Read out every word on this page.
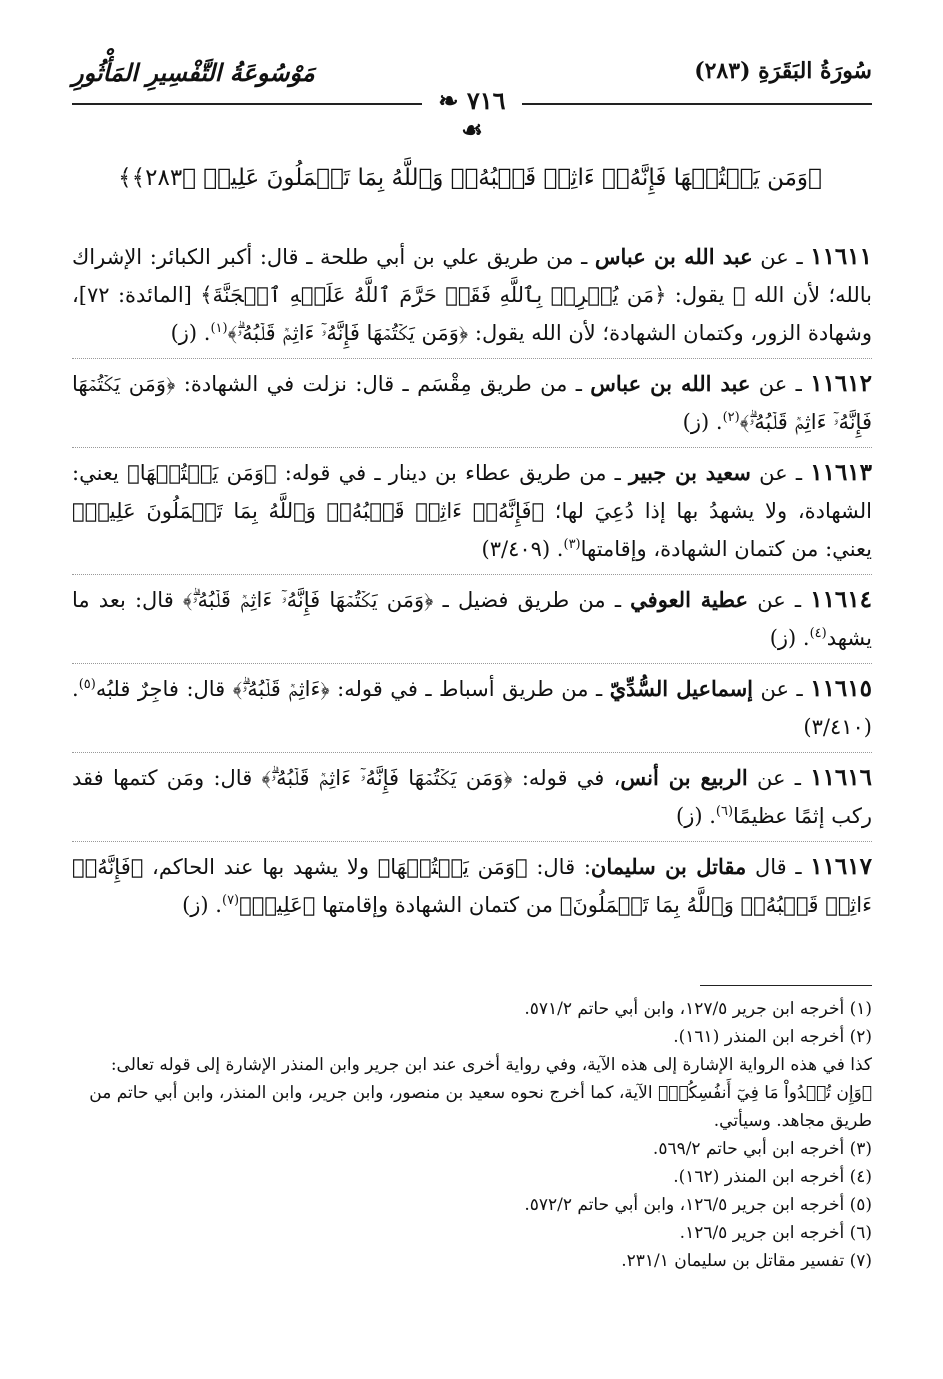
سُورَةُ البَقَرَةِ (٢٨٣)
مَوْسُوعَةُ التَّفْسِيرِ المَأْثُورِ
❧ ٧١٦ ☙
﴿وَمَن يَكۡتُمۡهَا فَإِنَّهُۥٓ ءَاثِمٞ قَلۡبُهُۥۗ وَٱللَّهُ بِمَا تَعۡمَلُونَ عَلِيمٞ ﴿٢٨٣﴾﴾

١١٦١١ ـ عن عبد الله بن عباس ـ من طريق علي بن أبي طلحة ـ قال: أكبر الكبائر: الإشراك بالله؛ لأن الله ﷻ يقول: ﴿مَن يُشۡرِكۡ بِٱللَّهِ فَقَدۡ حَرَّمَ ٱللَّهُ عَلَيۡهِ ٱلۡجَنَّةَ﴾ [المائدة: ٧٢]، وشهادة الزور، وكتمان الشهادة؛ لأن الله يقول: ﴿وَمَن يَكۡتُمۡهَا فَإِنَّهُۥٓ ءَاثِمٞ قَلۡبُهُۥۗ﴾$^{(١)}$. (ز)

١١٦١٢ ـ عن عبد الله بن عباس ـ من طريق مِقْسَم ـ قال: نزلت في الشهادة: ﴿وَمَن يَكۡتُمۡهَا فَإِنَّهُۥٓ ءَاثِمٞ قَلۡبُهُۥۗ﴾$^{(٢)}$. (ز)

١١٦١٣ ـ عن سعيد بن جبير ـ من طريق عطاء بن دينار ـ في قوله: ﴿وَمَن يَكۡتُمۡهَا﴾ يعني: الشهادة، ولا يشهدُ بها إذا دُعِيَ لها؛ ﴿فَإِنَّهُۥٓ ءَاثِمٞ قَلۡبُهُۥۗ وَٱللَّهُ بِمَا تَعۡمَلُونَ عَلِيمٞ﴾ يعني: من كتمان الشهادة، وإقامتها$^{(٣)}$. (٣/٤٠٩)

١١٦١٤ ـ عن عطية العوفي ـ من طريق فضيل ـ ﴿وَمَن يَكۡتُمۡهَا فَإِنَّهُۥٓ ءَاثِمٞ قَلۡبُهُۥۗ﴾ قال: بعد ما يشهد$^{(٤)}$. (ز)

١١٦١٥ ـ عن إسماعيل السُّدِّيّ ـ من طريق أسباط ـ في قوله: ﴿ءَاثِمٞ قَلۡبُهُۥۗ﴾ قال: فاجِرٌ قلبُه$^{(٥)}$. (٣/٤١٠)

١١٦١٦ ـ عن الربيع بن أنس، في قوله: ﴿وَمَن يَكۡتُمۡهَا فَإِنَّهُۥٓ ءَاثِمٞ قَلۡبُهُۥۗ﴾ قال: ومَن كتمها فقد ركب إثمًا عظيمًا$^{(٦)}$. (ز)

١١٦١٧ ـ قال مقاتل بن سليمان: قال: ﴿وَمَن يَكۡتُمۡهَا﴾ ولا يشهد بها عند الحاكم، ﴿فَإِنَّهُۥٓ ءَاثِمٞ قَلۡبُهُۥۗ وَٱللَّهُ بِمَا تَعۡمَلُونَ﴾ من كتمان الشهادة وإقامتها ﴿عَلِيمٞ﴾$^{(٧)}$. (ز)

(١) أخرجه ابن جرير ١٢٧/٥، وابن أبي حاتم ٥٧١/٢.
(٢) أخرجه ابن المنذر (١٦١).
كذا في هذه الرواية الإشارة إلى هذه الآية، وفي رواية أخرى عند ابن جرير وابن المنذر الإشارة إلى قوله تعالى: ﴿وَإِن تُبۡدُواْ مَا فِيٓ أَنفُسِكُمۡ﴾ الآية، كما أخرج نحوه سعيد بن منصور، وابن جرير، وابن المنذر، وابن أبي حاتم من طريق مجاهد. وسيأتي.
(٣) أخرجه ابن أبي حاتم ٥٦٩/٢.
(٤) أخرجه ابن المنذر (١٦٢).
(٥) أخرجه ابن جرير ١٢٦/٥، وابن أبي حاتم ٥٧٢/٢.
(٦) أخرجه ابن جرير ١٢٦/٥.
(٧) تفسير مقاتل بن سليمان ٢٣١/١.
